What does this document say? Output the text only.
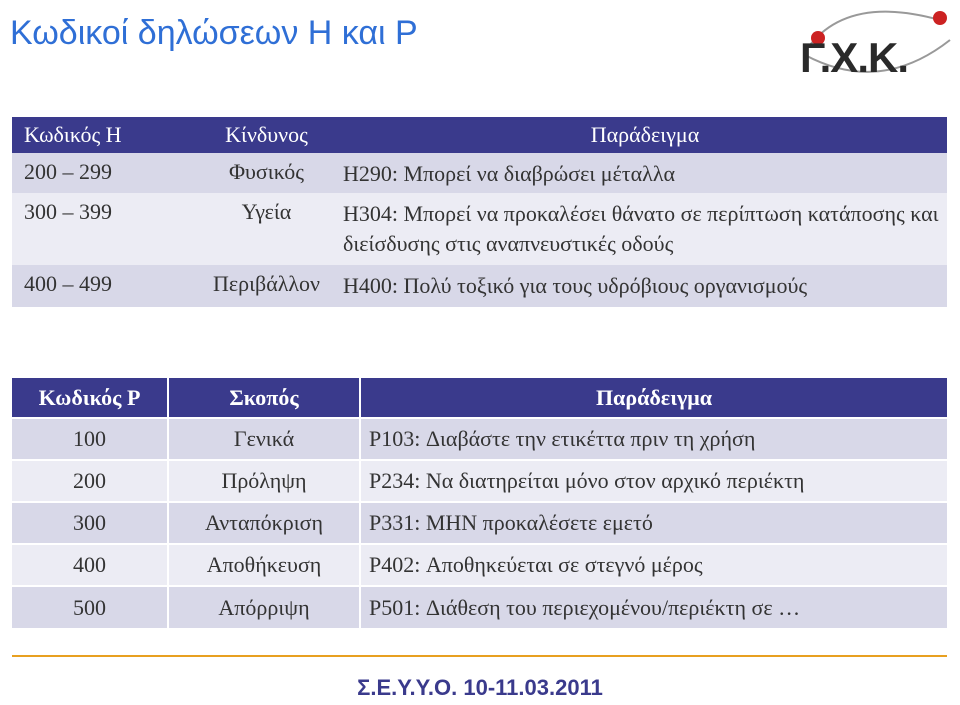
Κωδικοί δηλώσεων H και P
Γ.Χ.Κ.
Κωδικός H	Κίνδυνος	Παράδειγμα
200 – 299	Φυσικός	H290: Μπορεί να διαβρώσει μέταλλα
300 – 399	Υγεία	H304: Μπορεί να προκαλέσει θάνατο σε περίπτωση κατάποσης και διείσδυσης στις αναπνευστικές οδούς
400 – 499	Περιβάλλον	H400: Πολύ τοξικό για τους υδρόβιους οργανισμούς
Κωδικός P	Σκοπός	Παράδειγμα
100	Γενικά	P103: Διαβάστε την ετικέττα πριν τη χρήση
200	Πρόληψη	P234: Να διατηρείται μόνο στον αρχικό περιέκτη
300	Ανταπόκριση	P331: ΜΗΝ προκαλέσετε εμετό
400	Αποθήκευση	P402: Αποθηκεύεται σε στεγνό μέρος
500	Απόρριψη	P501: Διάθεση του περιεχομένου/περιέκτη σε …
Σ.Ε.Υ.Υ.Ο. 10-11.03.2011
